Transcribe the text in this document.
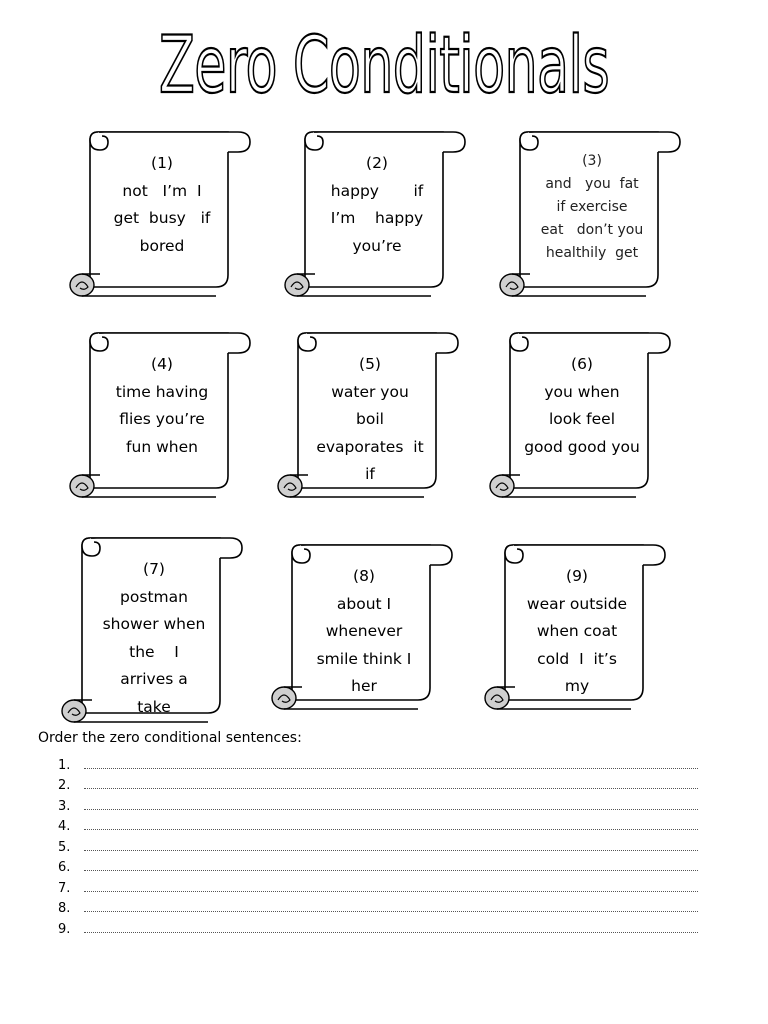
Zero Conditionals
(1)
not   I’m  I
get  busy   if
bored
(2)
happy       if
I’m    happy
you’re
(3)
and   you  fat
if exercise
eat   don’t you
healthily  get
(4)
time having
flies you’re
fun when
(5)
water you
boil
evaporates  it
if
(6)
you when
look feel
good good you
(7)
postman
shower when
the    I
arrives a
take
(8)
about I
whenever
smile think I
her
(9)
wear outside
when coat
cold  I  it’s
my
Order the zero conditional sentences:
1.
2.
3.
4.
5.
6.
7.
8.
9.
